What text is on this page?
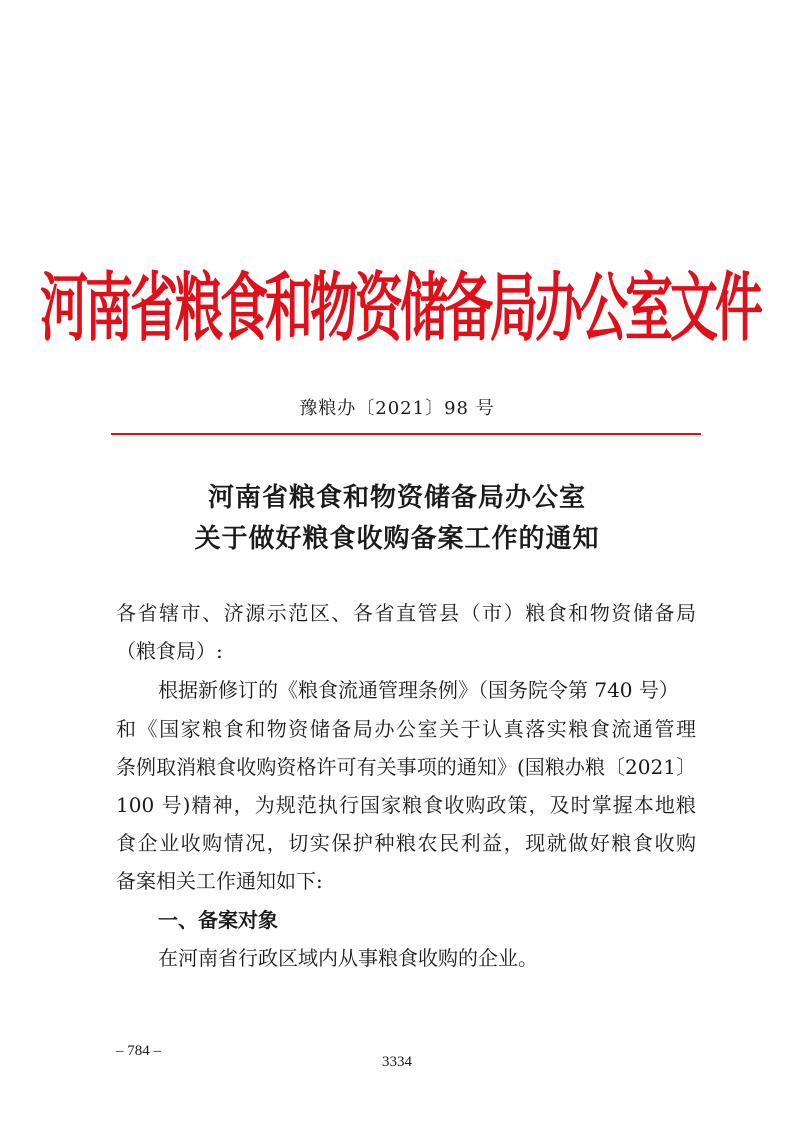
河南省粮食和物资储备局办公室文件
豫粮办〔2021〕98 号
河南省粮食和物资储备局办公室
关于做好粮食收购备案工作的通知
各省辖市、济源示范区、各省直管县（市）粮食和物资储备局
（粮食局）:
根据新修订的《粮食流通管理条例》（国务院令第 740 号）
和《国家粮食和物资储备局办公室关于认真落实粮食流通管理
条例取消粮食收购资格许可有关事项的通知》(国粮办粮〔2021〕
100 号)精神，为规范执行国家粮食收购政策，及时掌握本地粮
食企业收购情况，切实保护种粮农民利益，现就做好粮食收购
备案相关工作通知如下:
一、备案对象
在河南省行政区域内从事粮食收购的企业。
– 784 –
3334
